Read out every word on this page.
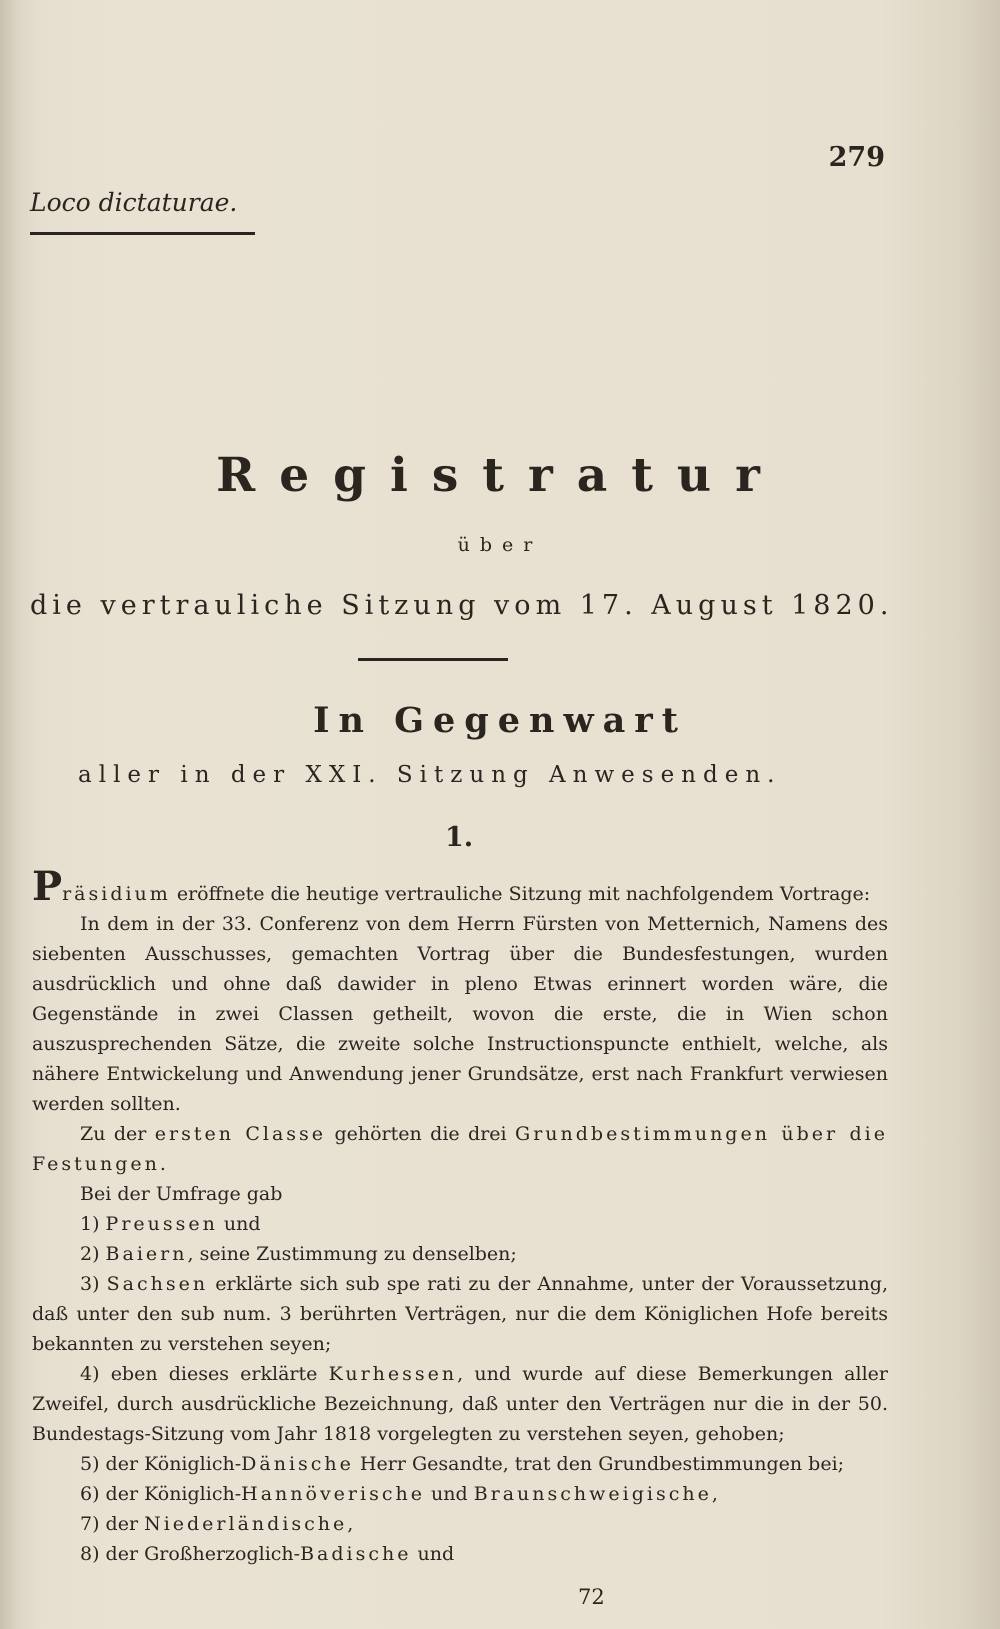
279
Loco dictaturae.
Registratur
über
die vertrauliche Sitzung vom 17. August 1820.
In Gegenwart
aller in der XXI. Sitzung Anwesenden.
1.

Präsidium eröffnete die heutige vertrauliche Sitzung mit nachfolgendem Vortrage:

In dem in der 33. Conferenz von dem Herrn Fürsten von Metternich, Namens des siebenten Ausschusses, gemachten Vortrag über die Bundesfestungen, wurden ausdrücklich und ohne daß dawider in pleno Etwas erinnert worden wäre, die Gegenstände in zwei Classen getheilt, wovon die erste, die in Wien schon auszusprechenden Sätze, die zweite solche Instructionspuncte enthielt, welche, als nähere Entwickelung und Anwendung jener Grundsätze, erst nach Frankfurt verwiesen werden sollten.

Zu der ersten Classe gehörten die drei Grundbestimmungen über die Festungen.

Bei der Umfrage gab

1) Preussen und

2) Baiern, seine Zustimmung zu denselben;

3) Sachsen erklärte sich sub spe rati zu der Annahme, unter der Voraussetzung, daß unter den sub num. 3 berührten Verträgen, nur die dem Königlichen Hofe bereits bekannten zu verstehen seyen;

4) eben dieses erklärte Kurhessen, und wurde auf diese Bemerkungen aller Zweifel, durch ausdrückliche Bezeichnung, daß unter den Verträgen nur die in der 50. Bundestags-Sitzung vom Jahr 1818 vorgelegten zu verstehen seyen, gehoben;

5) der Königlich-Dänische Herr Gesandte, trat den Grundbestimmungen bei;

6) der Königlich-Hannöverische und Braunschweigische,

7) der Niederländische,

8) der Großherzoglich-Badische und

72
